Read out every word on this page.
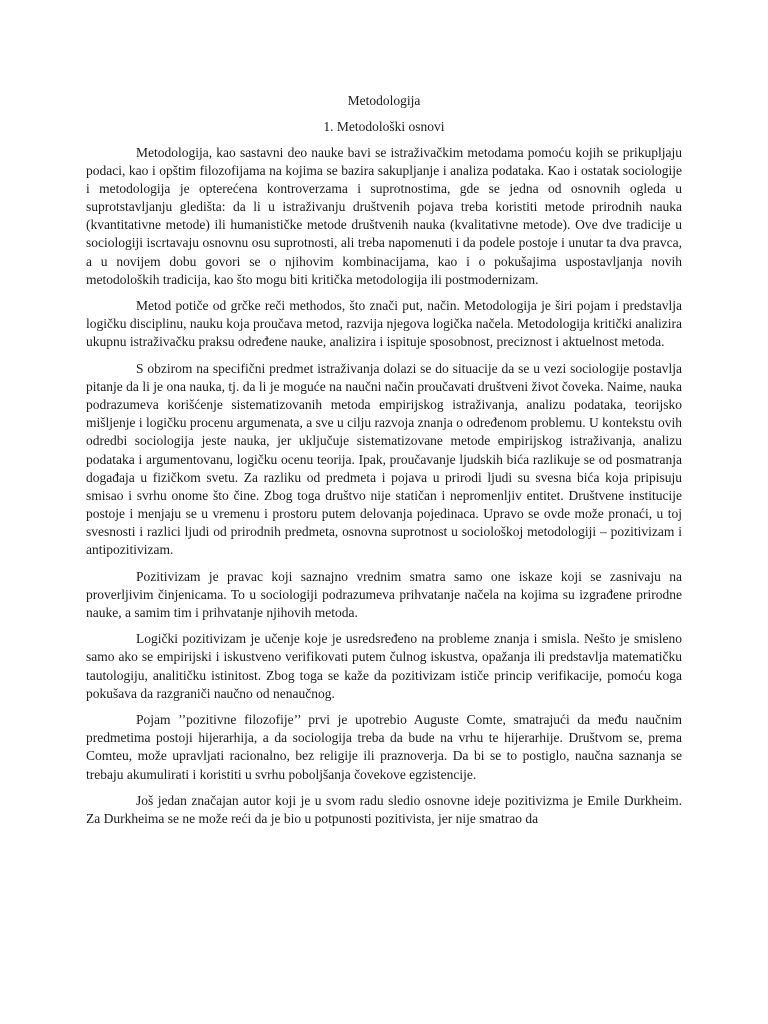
Metodologija
1. Metodološki osnovi

Metodologija, kao sastavni deo nauke bavi se istraživačkim metodama pomoću kojih se prikupljaju podaci, kao i opštim filozofijama na kojima se bazira sakupljanje i analiza podataka. Kao i ostatak sociologije i metodologija je opterećena kontroverzama i suprotnostima, gde se jedna od osnovnih ogleda u suprotstavljanju gledišta: da li u istraživanju društvenih pojava treba koristiti metode prirodnih nauka (kvantitativne metode) ili humanističke metode društvenih nauka (kvalitativne metode). Ove dve tradicije u sociologiji iscrtavaju osnovnu osu suprotnosti, ali treba napomenuti i da podele postoje i unutar ta dva pravca, a u novijem dobu govori se o njihovim kombinacijama, kao i o pokušajima uspostavljanja novih metodoloških tradicija, kao što mogu biti kritička metodologija ili postmodernizam.

Metod potiče od grčke reči methodos, što znači put, način. Metodologija je širi pojam i predstavlja logičku disciplinu, nauku koja proučava metod, razvija njegova logička načela. Metodologija kritički analizira ukupnu istraživačku praksu određene nauke, analizira i ispituje sposobnost, preciznost i aktuelnost metoda.

S obzirom na specifični predmet istraživanja dolazi se do situacije da se u vezi sociologije postavlja pitanje da li je ona nauka, tj. da li je moguće na naučni način proučavati društveni život čoveka. Naime, nauka podrazumeva korišćenje sistematizovanih metoda empirijskog istraživanja, analizu podataka, teorijsko mišljenje i logičku procenu argumenata, a sve u cilju razvoja znanja o određenom problemu. U kontekstu ovih odredbi sociologija jeste nauka, jer uključuje sistematizovane metode empirijskog istraživanja, analizu podataka i argumentovanu, logičku ocenu teorija. Ipak, proučavanje ljudskih bića razlikuje se od posmatranja događaja u fizičkom svetu. Za razliku od predmeta i pojava u prirodi ljudi su svesna bića koja pripisuju smisao i svrhu onome što čine. Zbog toga društvo nije statičan i nepromenljiv entitet. Društvene institucije postoje i menjaju se u vremenu i prostoru putem delovanja pojedinaca. Upravo se ovde može pronaći, u toj svesnosti i razlici ljudi od prirodnih predmeta, osnovna suprotnost u sociološkoj metodologiji – pozitivizam i antipozitivizam.

Pozitivizam je pravac koji saznajno vrednim smatra samo one iskaze koji se zasnivaju na proverljivim činjenicama. To u sociologiji podrazumeva prihvatanje načela na kojima su izgrađene prirodne nauke, a samim tim i prihvatanje njihovih metoda.

Logički pozitivizam je učenje koje je usredsređeno na probleme znanja i smisla. Nešto je smisleno samo ako se empirijski i iskustveno verifikovati putem čulnog iskustva, opažanja ili predstavlja matematičku tautologiju, analitičku istinitost. Zbog toga se kaže da pozitivizam ističe princip verifikacije, pomoću koga pokušava da razgraniči naučno od nenaučnog.

Pojam ’’pozitivne filozofije’’ prvi je upotrebio Auguste Comte, smatrajući da među naučnim predmetima postoji hijerarhija, a da sociologija treba da bude na vrhu te hijerarhije. Društvom se, prema Comteu, može upravljati racionalno, bez religije ili praznoverja. Da bi se to postiglo, naučna saznanja se trebaju akumulirati i koristiti u svrhu poboljšanja čovekove egzistencije.

Još jedan značajan autor koji je u svom radu sledio osnovne ideje pozitivizma je Emile Durkheim. Za Durkheima se ne može reći da je bio u potpunosti pozitivista, jer nije smatrao da
